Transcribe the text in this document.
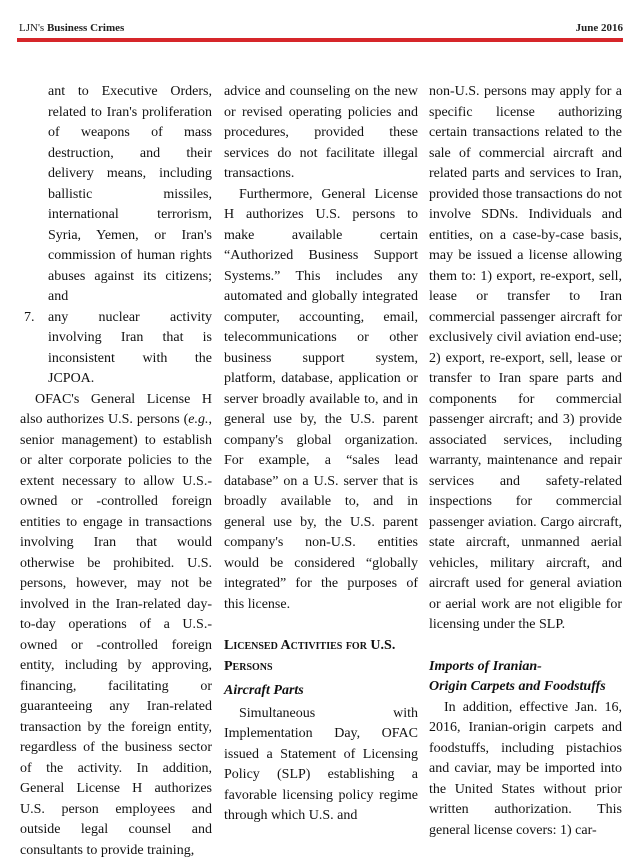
LJN's Business Crimes	June 2016

ant to Executive Orders, related to Iran's proliferation of weapons of mass destruction, and their delivery means, including ballistic missiles, international terrorism, Syria, Yemen, or Iran's commission of human rights abuses against its citizens; and

7. any nuclear activity involving Iran that is inconsistent with the JCPOA.

OFAC's General License H also authorizes U.S. persons (e.g., senior management) to establish or alter corporate policies to the extent necessary to allow U.S.-owned or -controlled foreign entities to engage in transactions involving Iran that would otherwise be prohibited. U.S. persons, however, may not be involved in the Iran-related day-to-day operations of a U.S.-owned or -controlled foreign entity, including by approving, financing, facilitating or guaranteeing any Iran-related transaction by the foreign entity, regardless of the business sector of the activity. In addition, General License H authorizes U.S. person employees and outside legal counsel and consultants to provide training,

advice and counseling on the new or revised operating policies and procedures, provided these services do not facilitate illegal transactions.

Furthermore, General License H authorizes U.S. persons to make available certain “Authorized Business Support Systems.” This includes any automated and globally integrated computer, accounting, email, telecommunications or other business support system, platform, database, application or server broadly available to, and in general use by, the U.S. parent company's global organization. For example, a “sales lead database” on a U.S. server that is broadly available to, and in general use by, the U.S. parent company's non-U.S. entities would be considered “globally integrated” for the purposes of this license.

Licensed Activities for U.S. Persons

Aircraft Parts

Simultaneous with Implementation Day, OFAC issued a Statement of Licensing Policy (SLP) establishing a favorable licensing policy regime through which U.S. and

non-U.S. persons may apply for a specific license authorizing certain transactions related to the sale of commercial aircraft and related parts and services to Iran, provided those transactions do not involve SDNs. Individuals and entities, on a case-by-case basis, may be issued a license allowing them to: 1) export, re-export, sell, lease or transfer to Iran commercial passenger aircraft for exclusively civil aviation end-use; 2) export, re-export, sell, lease or transfer to Iran spare parts and components for commercial passenger aircraft; and 3) provide associated services, including warranty, maintenance and repair services and safety-related inspections for commercial passenger aviation. Cargo aircraft, state aircraft, unmanned aerial vehicles, military aircraft, and aircraft used for general aviation or aerial work are not eligible for licensing under the SLP.

Imports of Iranian-
Origin Carpets and Foodstuffs

In addition, effective Jan. 16, 2016, Iranian-origin carpets and foodstuffs, including pistachios and caviar, may be imported into the United States without prior written authorization. This general license covers: 1) car-
